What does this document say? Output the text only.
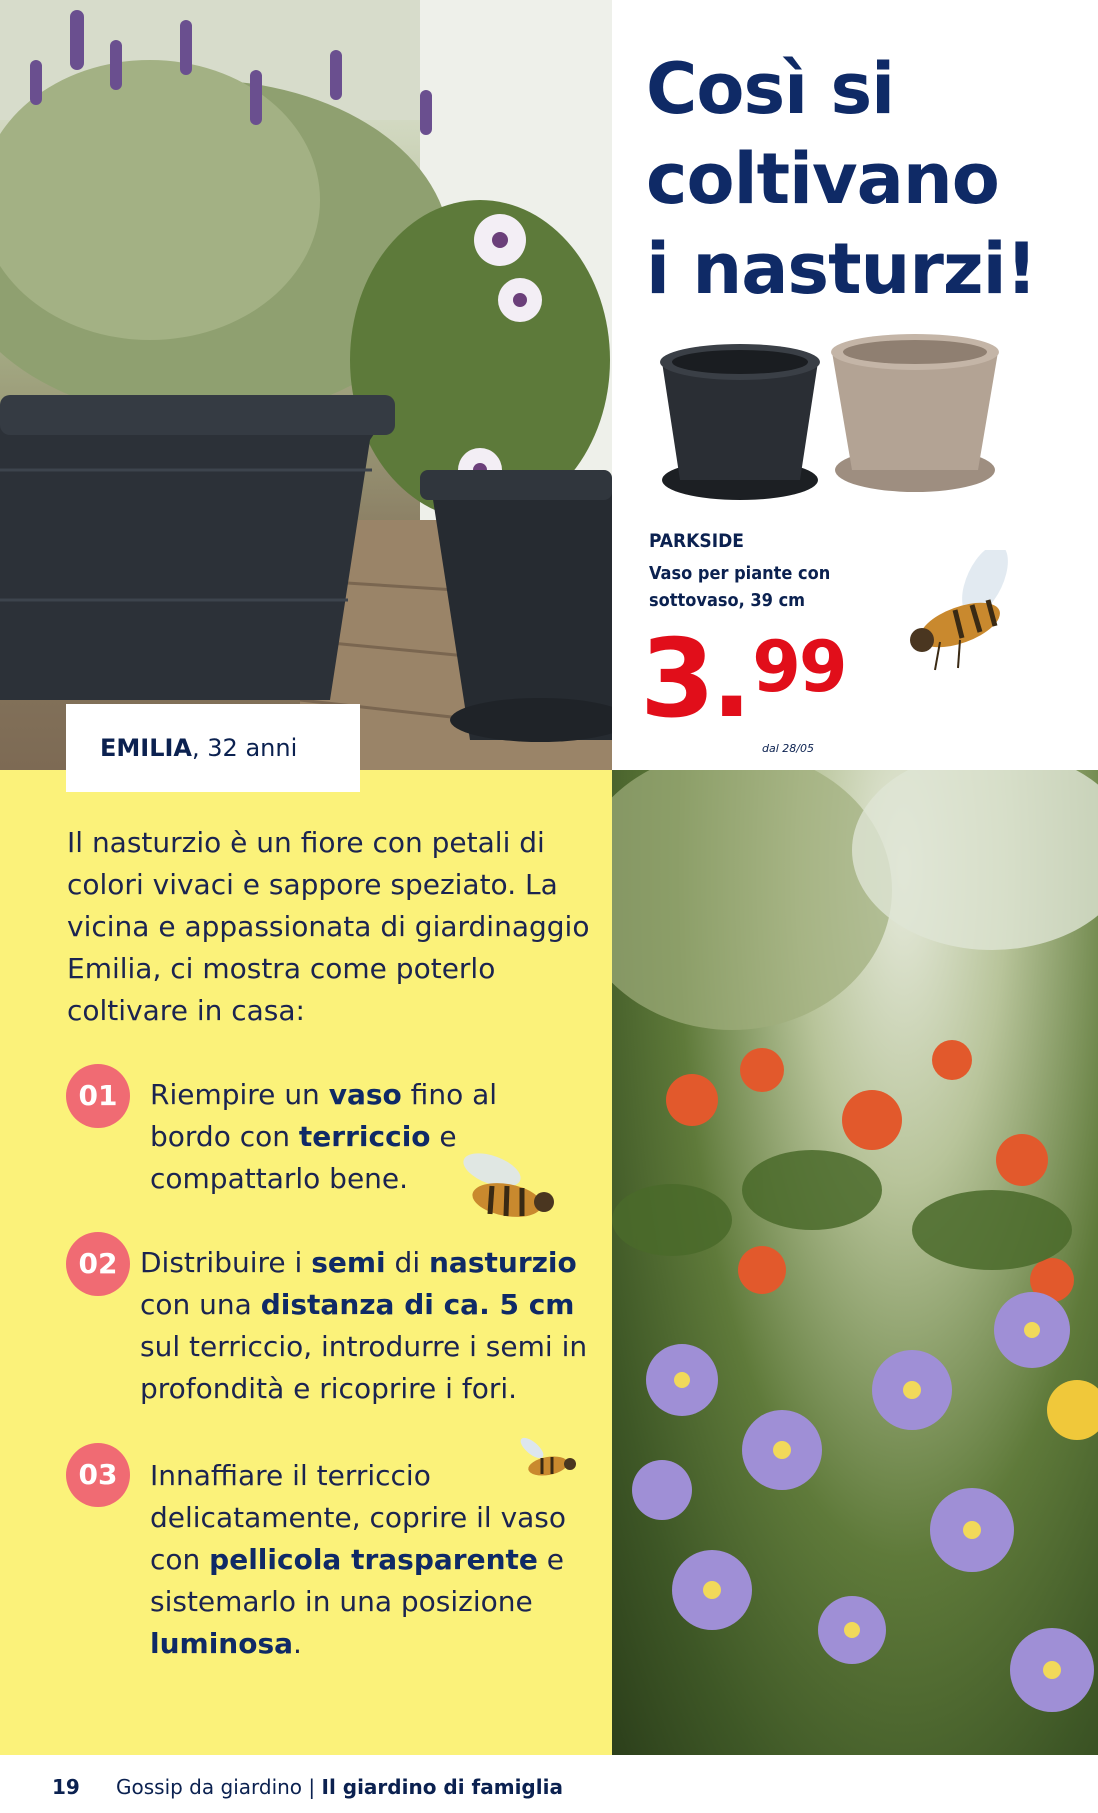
Così si
coltivano
i nasturzi!
PARKSIDE
Vaso per piante con
sottovaso, 39 cm
3.99
dal 28/05
EMILIA, 32 anni
Il nasturzio è un fiore con petali di colori vivaci e sappore speziato. La vicina e appassionata di giardinaggio Emilia, ci mostra come poterlo coltivare in casa:
01	Riempire un vaso fino al bordo con terriccio e compattarlo bene.
02 Distribuire i semi di nasturzio con una distanza di ca. 5 cm sul terriccio, introdurre i semi in profondità e ricoprire i fori.
03	Innaffiare il terriccio delicatamente, coprire il vaso con pellicola trasparente e sistemarlo in una posizione luminosa.
19 Gossip da giardino | Il giardino di famiglia
